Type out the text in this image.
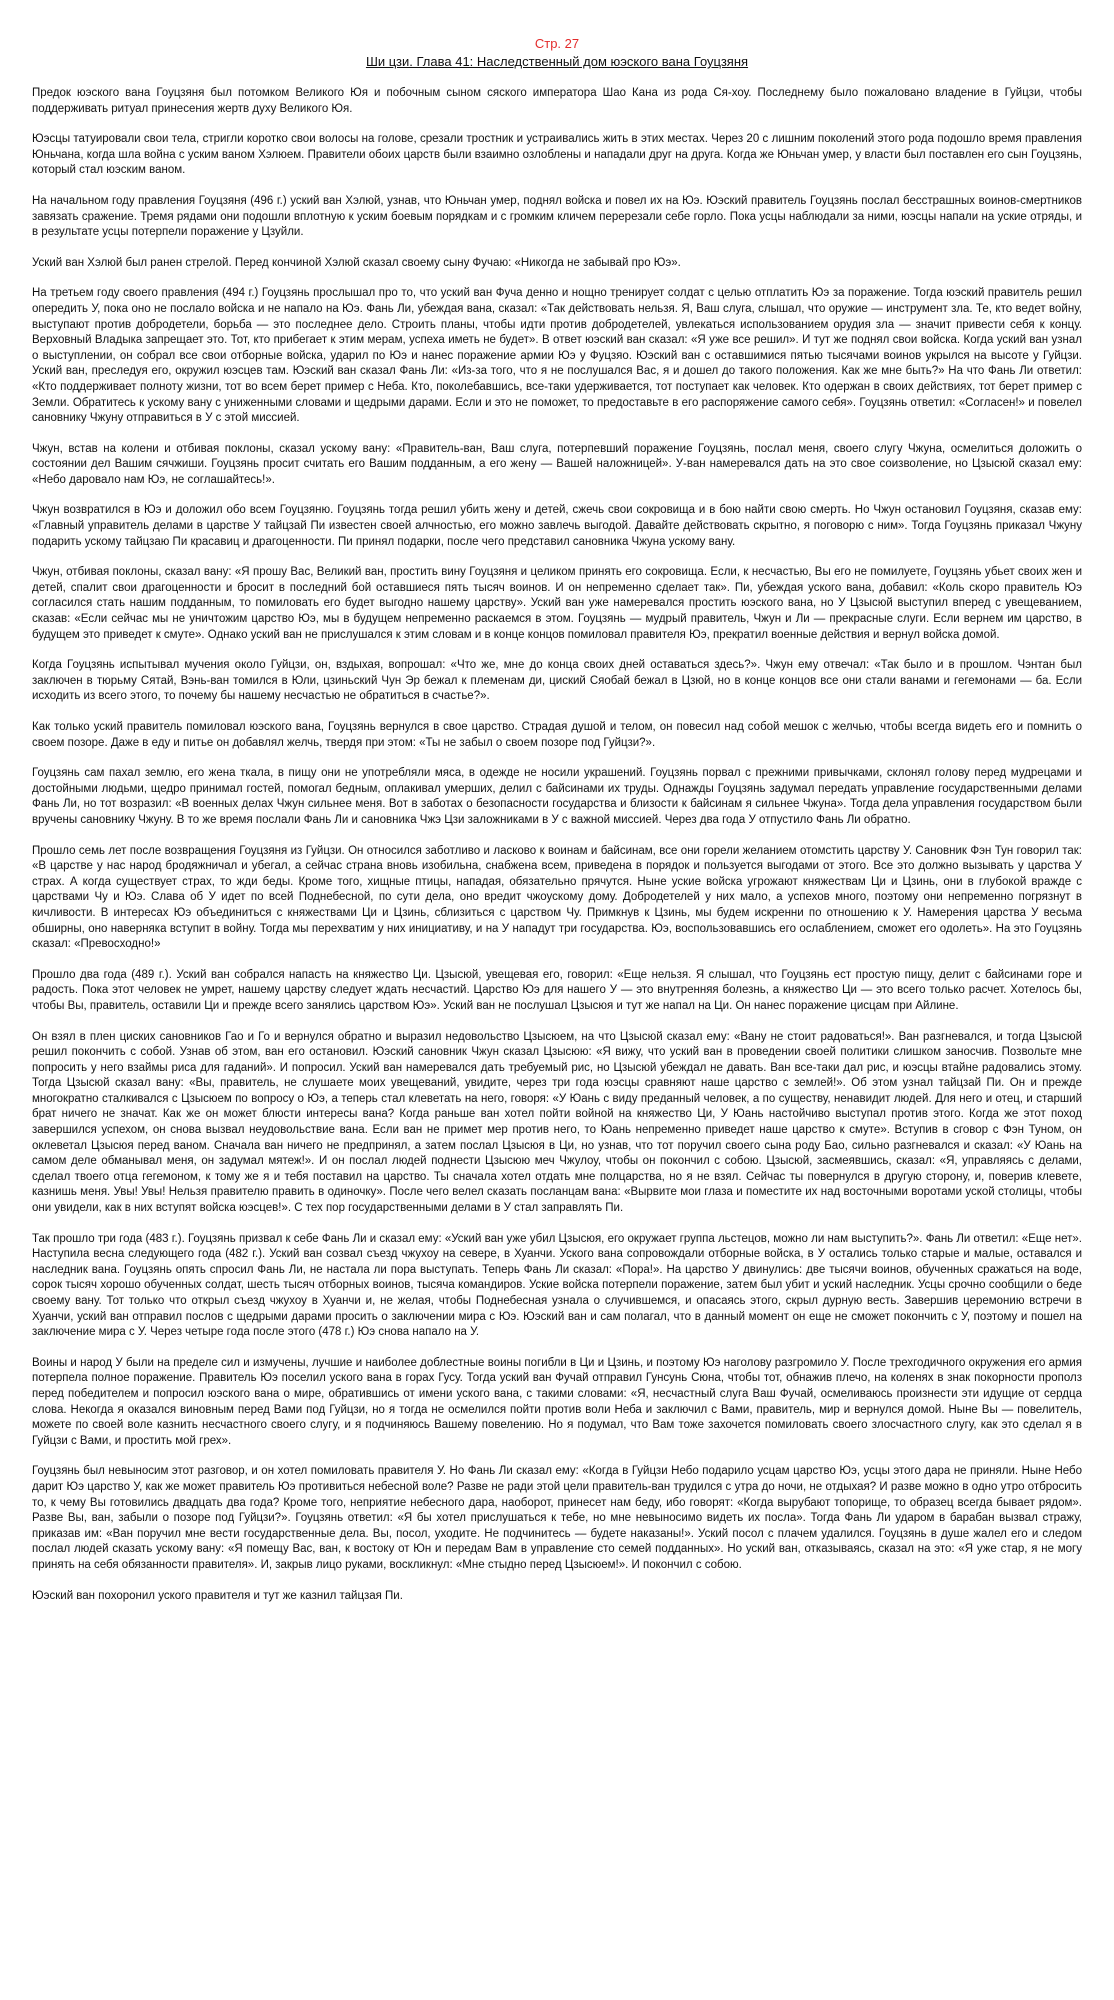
Стр. 27
Ши цзи. Глава 41: Наследственный дом юэского вана Гоуцзяня

Предок юэского вана Гоуцзяня был потомком Великого Юя и побочным сыном сяского императора Шао Кана из рода Ся-хоу. Последнему было пожаловано владение в Гуйцзи, чтобы поддерживать ритуал принесения жертв духу Великого Юя.

Юэсцы татуировали свои тела, стригли коротко свои волосы на голове, срезали тростник и устраивались жить в этих местах. Через 20 с лишним поколений этого рода подошло время правления Юньчана, когда шла война с уским ваном Хэлюем. Правители обоих царств были взаимно озлоблены и нападали друг на друга. Когда же Юньчан умер, у власти был поставлен его сын Гоуцзянь, который стал юэским ваном.

На начальном году правления Гоуцзяня (496 г.) уский ван Хэлюй, узнав, что Юньчан умер, поднял войска и повел их на Юэ. Юэский правитель Гоуцзянь послал бесстрашных воинов-смертников завязать сражение. Тремя рядами они подошли вплотную к уским боевым порядкам и с громким кличем перерезали себе горло. Пока усцы наблюдали за ними, юэсцы напали на уские отряды, и в результате усцы потерпели поражение у Цзуйли.

Уский ван Хэлюй был ранен стрелой. Перед кончиной Хэлюй сказал своему сыну Фучаю: «Никогда не забывай про Юэ».

На третьем году своего правления (494 г.) Гоуцзянь прослышал про то, что уский ван Фуча денно и нощно тренирует солдат с целью отплатить Юэ за поражение. Тогда юэский правитель решил опередить У, пока оно не послало войска и не напало на Юэ. Фань Ли, убеждая вана, сказал: «Так действовать нельзя. Я, Ваш слуга, слышал, что оружие — инструмент зла. Те, кто ведет войну, выступают против добродетели, борьба — это последнее дело. Строить планы, чтобы идти против добродетелей, увлекаться использованием орудия зла — значит привести себя к концу. Верховный Владыка запрещает это. Тот, кто прибегает к этим мерам, успеха иметь не будет». В ответ юэский ван сказал: «Я уже все решил». И тут же поднял свои войска. Когда уский ван узнал о выступлении, он собрал все свои отборные войска, ударил по Юэ и нанес поражение армии Юэ у Фуцзяо. Юэский ван с оставшимися пятью тысячами воинов укрылся на высоте у Гуйцзи. Уский ван, преследуя его, окружил юэсцев там. Юэский ван сказал Фань Ли: «Из-за того, что я не послушался Вас, я и дошел до такого положения. Как же мне быть?» На что Фань Ли ответил: «Кто поддерживает полноту жизни, тот во всем берет пример с Неба. Кто, поколебавшись, все-таки удерживается, тот поступает как человек. Кто одержан в своих действиях, тот берет пример с Земли. Обратитесь к ускому вану с униженными словами и щедрыми дарами. Если и это не поможет, то предоставьте в его распоряжение самого себя». Гоуцзянь ответил: «Согласен!» и повелел сановнику Чжуну отправиться в У с этой миссией.

Чжун, встав на колени и отбивая поклоны, сказал ускому вану: «Правитель-ван, Ваш слуга, потерпевший поражение Гоуцзянь, послал меня, своего слугу Чжуна, осмелиться доложить о состоянии дел Вашим сячжиши. Гоуцзянь просит считать его Вашим подданным, а его жену — Вашей наложницей». У-ван намеревался дать на это свое соизволение, но Цзысюй сказал ему: «Небо даровало нам Юэ, не соглашайтесь!».

Чжун возвратился в Юэ и доложил обо всем Гоуцзяню. Гоуцзянь тогда решил убить жену и детей, сжечь свои сокровища и в бою найти свою смерть. Но Чжун остановил Гоуцзяня, сказав ему: «Главный управитель делами в царстве У тайцзай Пи известен своей алчностью, его можно завлечь выгодой. Давайте действовать скрытно, я поговорю с ним». Тогда Гоуцзянь приказал Чжуну подарить ускому тайцзаю Пи красавиц и драгоценности. Пи принял подарки, после чего представил сановника Чжуна ускому вану.

Чжун, отбивая поклоны, сказал вану: «Я прошу Вас, Великий ван, простить вину Гоуцзяня и целиком принять его сокровища. Если, к несчастью, Вы его не помилуете, Гоуцзянь убьет своих жен и детей, спалит свои драгоценности и бросит в последний бой оставшиеся пять тысяч воинов. И он непременно сделает так». Пи, убеждая уского вана, добавил: «Коль скоро правитель Юэ согласился стать нашим подданным, то помиловать его будет выгодно нашему царству». Уский ван уже намеревался простить юэского вана, но У Цзысюй выступил вперед с увещеванием, сказав: «Если сейчас мы не уничтожим царство Юэ, мы в будущем непременно раскаемся в этом. Гоуцзянь — мудрый правитель, Чжун и Ли — прекрасные слуги. Если вернем им царство, в будущем это приведет к смуте». Однако уский ван не прислушался к этим словам и в конце концов помиловал правителя Юэ, прекратил военные действия и вернул войска домой.

Когда Гоуцзянь испытывал мучения около Гуйцзи, он, вздыхая, вопрошал: «Что же, мне до конца своих дней оставаться здесь?». Чжун ему отвечал: «Так было и в прошлом. Чэнтан был заключен в тюрьму Сятай, Вэнь-ван томился в Юли, цзиньский Чун Эр бежал к племенам ди, циский Сяобай бежал в Цзюй, но в конце концов все они стали ванами и гегемонами — ба. Если исходить из всего этого, то почему бы нашему несчастью не обратиться в счастье?».

Как только уский правитель помиловал юэского вана, Гоуцзянь вернулся в свое царство. Страдая душой и телом, он повесил над собой мешок с желчью, чтобы всегда видеть его и помнить о своем позоре. Даже в еду и питье он добавлял желчь, твердя при этом: «Ты не забыл о своем позоре под Гуйцзи?».

Гоуцзянь сам пахал землю, его жена ткала, в пищу они не употребляли мяса, в одежде не носили украшений. Гоуцзянь порвал с прежними привычками, склонял голову перед мудрецами и достойными людьми, щедро принимал гостей, помогал бедным, оплакивал умерших, делил с байсинами их труды. Однажды Гоуцзянь задумал передать управление государственными делами Фань Ли, но тот возразил: «В военных делах Чжун сильнее меня. Вот в заботах о безопасности государства и близости к байсинам я сильнее Чжуна». Тогда дела управления государством были вручены сановнику Чжуну. В то же время послали Фань Ли и сановника Чжэ Цзи заложниками в У с важной миссией. Через два года У отпустило Фань Ли обратно.

Прошло семь лет после возвращения Гоуцзяня из Гуйцзи. Он относился заботливо и ласково к воинам и байсинам, все они горели желанием отомстить царству У. Сановник Фэн Тун говорил так: «В царстве у нас народ бродяжничал и убегал, а сейчас страна вновь изобильна, снабжена всем, приведена в порядок и пользуется выгодами от этого. Все это должно вызывать у царства У страх. А когда существует страх, то жди беды. Кроме того, хищные птицы, нападая, обязательно прячутся. Ныне уские войска угрожают княжествам Ци и Цзинь, они в глубокой вражде с царствами Чу и Юэ. Слава об У идет по всей Поднебесной, по сути дела, оно вредит чжоускому дому. Добродетелей у них мало, а успехов много, поэтому они непременно погрязнут в кичливости. В интересах Юэ объединиться с княжествами Ци и Цзинь, сблизиться с царством Чу. Примкнув к Цзинь, мы будем искренни по отношению к У. Намерения царства У весьма обширны, оно наверняка вступит в войну. Тогда мы перехватим у них инициативу, и на У нападут три государства. Юэ, воспользовавшись его ослаблением, сможет его одолеть». На это Гоуцзянь сказал: «Превосходно!»

Прошло два года (489 г.). Уский ван собрался напасть на княжество Ци. Цзысюй, увещевая его, говорил: «Еще нельзя. Я слышал, что Гоуцзянь ест простую пищу, делит с байсинами горе и радость. Пока этот человек не умрет, нашему царству следует ждать несчастий. Царство Юэ для нашего У — это внутренняя болезнь, а княжество Ци — это всего только расчет. Хотелось бы, чтобы Вы, правитель, оставили Ци и прежде всего занялись царством Юэ». Уский ван не послушал Цзысюя и тут же напал на Ци. Он нанес поражение цисцам при Айлине.

Он взял в плен циских сановников Гао и Го и вернулся обратно и выразил недовольство Цзысюем, на что Цзысюй сказал ему: «Вану не стоит радоваться!». Ван разгневался, и тогда Цзысюй решил покончить с собой. Узнав об этом, ван его остановил. Юэский сановник Чжун сказал Цзысюю: «Я вижу, что уский ван в проведении своей политики слишком заносчив. Позвольте мне попросить у него взаймы риса для гаданий». И попросил. Уский ван намеревался дать требуемый рис, но Цзысюй убеждал не давать. Ван все-таки дал рис, и юэсцы втайне радовались этому. Тогда Цзысюй сказал вану: «Вы, правитель, не слушаете моих увещеваний, увидите, через три года юэсцы сравняют наше царство с землей!». Об этом узнал тайцзай Пи. Он и прежде многократно сталкивался с Цзысюем по вопросу о Юэ, а теперь стал клеветать на него, говоря: «У Юань с виду преданный человек, а по существу, ненавидит людей. Для него и отец, и старший брат ничего не значат. Как же он может блюсти интересы вана? Когда раньше ван хотел пойти войной на княжество Ци, У Юань настойчиво выступал против этого. Когда же этот поход завершился успехом, он снова вызвал неудовольствие вана. Если ван не примет мер против него, то Юань непременно приведет наше царство к смуте». Вступив в сговор с Фэн Туном, он оклеветал Цзысюя перед ваном. Сначала ван ничего не предпринял, а затем послал Цзысюя в Ци, но узнав, что тот поручил своего сына роду Бао, сильно разгневался и сказал: «У Юань на самом деле обманывал меня, он задумал мятеж!». И он послал людей поднести Цзысюю меч Чжулоу, чтобы он покончил с собою. Цзысюй, засмеявшись, сказал: «Я, управляясь с делами, сделал твоего отца гегемоном, к тому же я и тебя поставил на царство. Ты сначала хотел отдать мне полцарства, но я не взял. Сейчас ты повернулся в другую сторону, и, поверив клевете, казнишь меня. Увы! Увы! Нельзя правителю править в одиночку». После чего велел сказать посланцам вана: «Вырвите мои глаза и поместите их над восточными воротами уской столицы, чтобы они увидели, как в них вступят войска юэсцев!». С тех пор государственными делами в У стал заправлять Пи.

Так прошло три года (483 г.). Гоуцзянь призвал к себе Фань Ли и сказал ему: «Уский ван уже убил Цзысюя, его окружает группа льстецов, можно ли нам выступить?». Фань Ли ответил: «Еще нет». Наступила весна следующего года (482 г.). Уский ван созвал съезд чжухоу на севере, в Хуанчи. Уского вана сопровождали отборные войска, в У остались только старые и малые, оставался и наследник вана. Гоуцзянь опять спросил Фань Ли, не настала ли пора выступать. Теперь Фань Ли сказал: «Пора!». На царство У двинулись: две тысячи воинов, обученных сражаться на воде, сорок тысяч хорошо обученных солдат, шесть тысяч отборных воинов, тысяча командиров. Уские войска потерпели поражение, затем был убит и уский наследник. Усцы срочно сообщили о беде своему вану. Тот только что открыл съезд чжухоу в Хуанчи и, не желая, чтобы Поднебесная узнала о случившемся, и опасаясь этого, скрыл дурную весть. Завершив церемонию встречи в Хуанчи, уский ван отправил послов с щедрыми дарами просить о заключении мира с Юэ. Юэский ван и сам полагал, что в данный момент он еще не сможет покончить с У, поэтому и пошел на заключение мира с У. Через четыре года после этого (478 г.) Юэ снова напало на У.

Воины и народ У были на пределе сил и измучены, лучшие и наиболее доблестные воины погибли в Ци и Цзинь, и поэтому Юэ наголову разгромило У. После трехгодичного окружения его армия потерпела полное поражение. Правитель Юэ поселил уского вана в горах Гусу. Тогда уский ван Фучай отправил Гунсунь Сюна, чтобы тот, обнажив плечо, на коленях в знак покорности прополз перед победителем и попросил юэского вана о мире, обратившись от имени уского вана, с такими словами: «Я, несчастный слуга Ваш Фучай, осмеливаюсь произнести эти идущие от сердца слова. Некогда я оказался виновным перед Вами под Гуйцзи, но я тогда не осмелился пойти против воли Неба и заключил с Вами, правитель, мир и вернулся домой. Ныне Вы — повелитель, можете по своей воле казнить несчастного своего слугу, и я подчиняюсь Вашему повелению. Но я подумал, что Вам тоже захочется помиловать своего злосчастного слугу, как это сделал я в Гуйцзи с Вами, и простить мой грех».

Гоуцзянь был невыносим этот разговор, и он хотел помиловать правителя У. Но Фань Ли сказал ему: «Когда в Гуйцзи Небо подарило усцам царство Юэ, усцы этого дара не приняли. Ныне Небо дарит Юэ царство У, как же может правитель Юэ противиться небесной воле? Разве не ради этой цели правитель-ван трудился с утра до ночи, не отдыхая? И разве можно в одно утро отбросить то, к чему Вы готовились двадцать два года? Кроме того, неприятие небесного дара, наоборот, принесет нам беду, ибо говорят: «Когда вырубают топорище, то образец всегда бывает рядом». Разве Вы, ван, забыли о позоре под Гуйцзи?». Гоуцзянь ответил: «Я бы хотел прислушаться к тебе, но мне невыносимо видеть их посла». Тогда Фань Ли ударом в барабан вызвал стражу, приказав им: «Ван поручил мне вести государственные дела. Вы, посол, уходите. Не подчинитесь — будете наказаны!». Уский посол с плачем удалился. Гоуцзянь в душе жалел его и следом послал людей сказать ускому вану: «Я помещу Вас, ван, к востоку от Юн и передам Вам в управление сто семей подданных». Но уский ван, отказываясь, сказал на это: «Я уже стар, я не могу принять на себя обязанности правителя». И, закрыв лицо руками, воскликнул: «Мне стыдно перед Цзысюем!». И покончил с собою.

Юэский ван похоронил уского правителя и тут же казнил тайцзая Пи.
